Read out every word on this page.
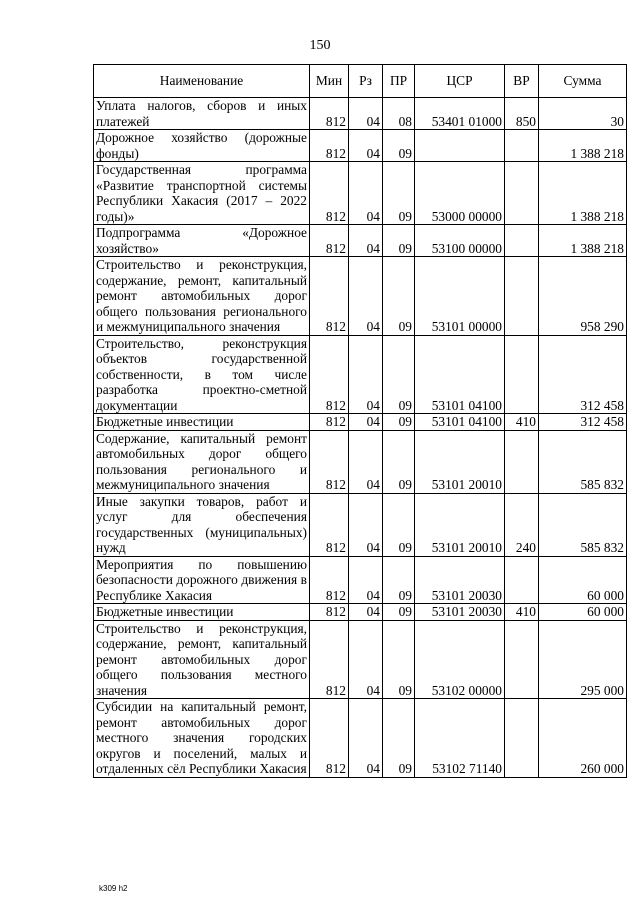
150
Наименование	Мин	Рз	ПР	ЦСР	ВР	Сумма
Уплата налогов, сборов и иных платежей	812	04	08	53401 01000	850	30
Дорожное хозяйство (дорожные фонды)	812	04	09			1 388 218
Государственная программа «Развитие транспортной системы Республики Хакасия (2017 – 2022 годы)»	812	04	09	53000 00000		1 388 218
Подпрограмма «Дорожное хозяйство»	812	04	09	53100 00000		1 388 218
Строительство и реконструкция, содержание, ремонт, капитальный ремонт автомобильных дорог общего пользования регионального и межмуниципального значения	812	04	09	53101 00000		958 290
Строительство, реконструкция объектов государственной собственности, в том числе разработка проектно-сметной документации	812	04	09	53101 04100		312 458
Бюджетные инвестиции	812	04	09	53101 04100	410	312 458
Содержание, капитальный ремонт автомобильных дорог общего пользования регионального и межмуниципального значения	812	04	09	53101 20010		585 832
Иные закупки товаров, работ и услуг для обеспечения государственных (муниципальных) нужд	812	04	09	53101 20010	240	585 832
Мероприятия по повышению безопасности дорожного движения в Республике Хакасия	812	04	09	53101 20030		60 000
Бюджетные инвестиции	812	04	09	53101 20030	410	60 000
Строительство и реконструкция, содержание, ремонт, капитальный ремонт автомобильных дорог общего пользования местного значения	812	04	09	53102 00000		295 000
Субсидии на капитальный ремонт, ремонт автомобильных дорог местного значения городских округов и поселений, малых и отдаленных сёл Республики Хакасия	812	04	09	53102 71140		260 000
k309 h2
